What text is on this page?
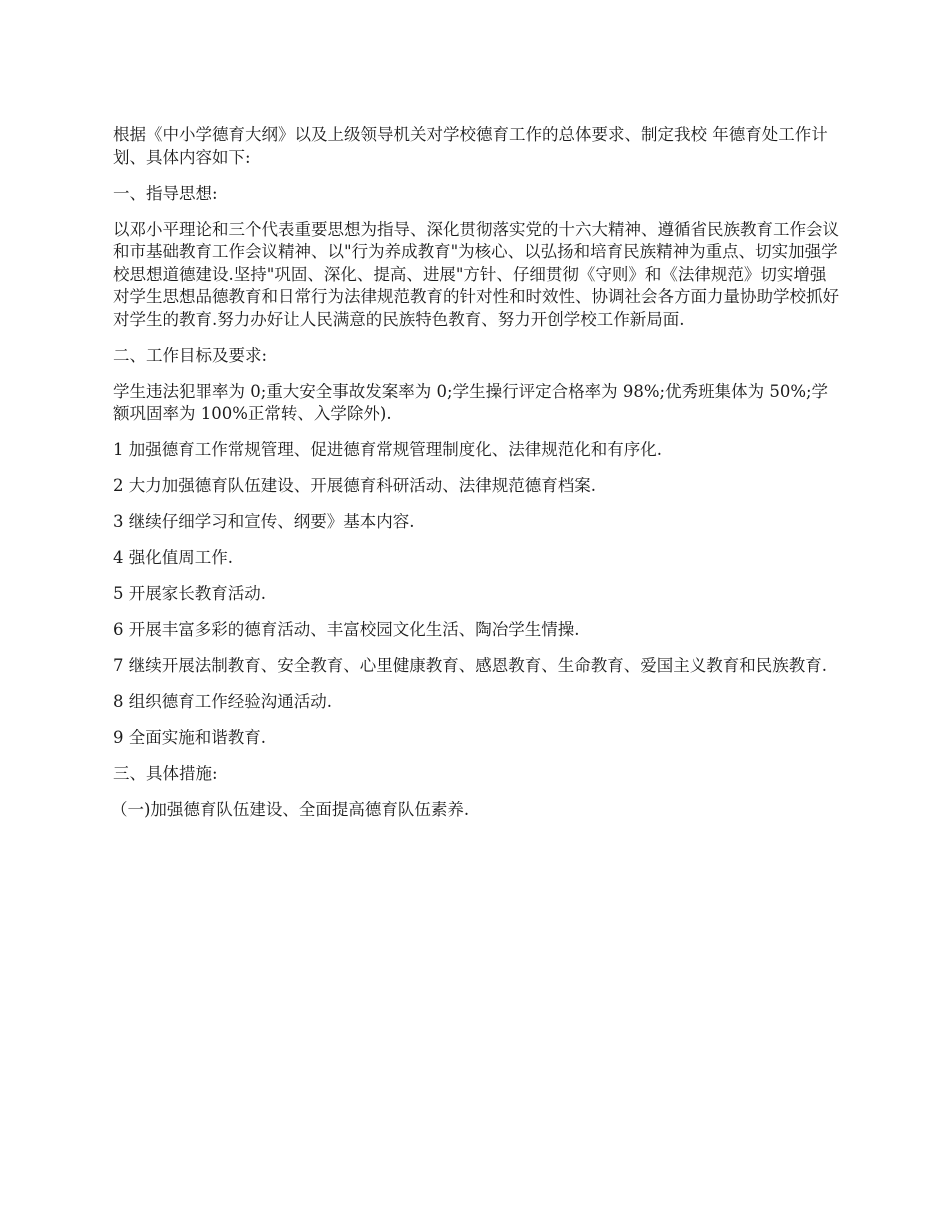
根据《中小学德育大纲》以及上级领导机关对学校德育工作的总体要求、制定我校 年德育处工作计划、具体内容如下:

一、指导思想:

以邓小平理论和三个代表重要思想为指导、深化贯彻落实党的十六大精神、遵循省民族教育工作会议和市基础教育工作会议精神、以"行为养成教育"为核心、以弘扬和培育民族精神为重点、切实加强学校思想道德建设.坚持"巩固、深化、提高、进展"方针、仔细贯彻《守则》和《法律规范》切实增强对学生思想品德教育和日常行为法律规范教育的针对性和时效性、协调社会各方面力量协助学校抓好对学生的教育.努力办好让人民满意的民族特色教育、努力开创学校工作新局面.

二、工作目标及要求:

学生违法犯罪率为 0;重大安全事故发案率为 0;学生操行评定合格率为 98%;优秀班集体为 50%;学额巩固率为 100%正常转、入学除外).

1 加强德育工作常规管理、促进德育常规管理制度化、法律规范化和有序化.

2 大力加强德育队伍建设、开展德育科研活动、法律规范德育档案.

3 继续仔细学习和宣传、纲要》基本内容.

4 强化值周工作.

5 开展家长教育活动.

6 开展丰富多彩的德育活动、丰富校园文化生活、陶冶学生情操.

7 继续开展法制教育、安全教育、心里健康教育、感恩教育、生命教育、爱国主义教育和民族教育.

8 组织德育工作经验沟通活动.

9 全面实施和谐教育.

三、具体措施:

（一)加强德育队伍建设、全面提高德育队伍素养.
